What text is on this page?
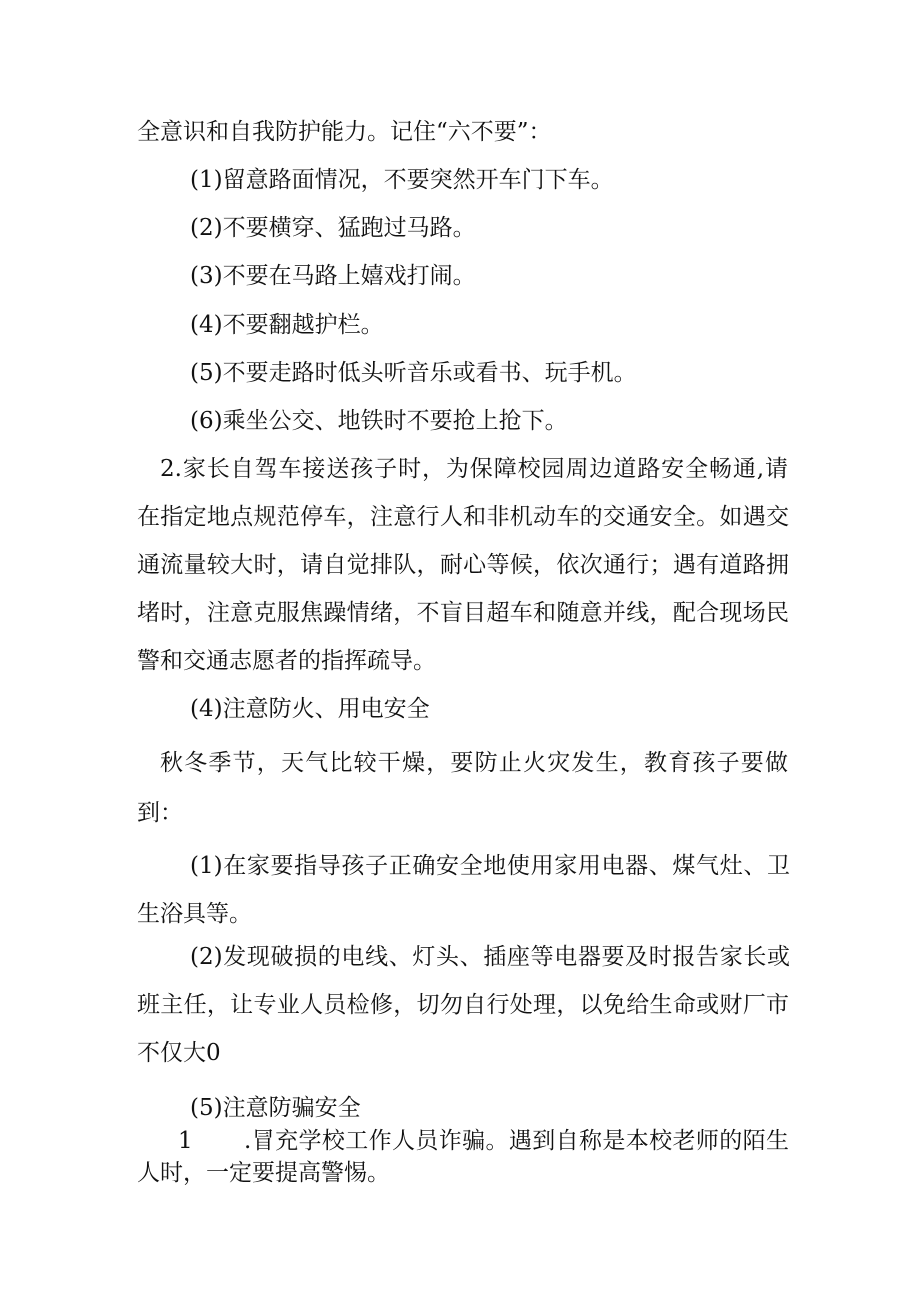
全意识和自我防护能力。记住“六不要”：
(1)留意路面情况，不要突然开车门下车。
(2)不要横穿、猛跑过马路。
(3)不要在马路上嬉戏打闹。
(4)不要翻越护栏。
(5)不要走路时低头听音乐或看书、玩手机。
(6)乘坐公交、地铁时不要抢上抢下。
2.家长自驾车接送孩子时，为保障校园周边道路安全畅通,请
在指定地点规范停车，注意行人和非机动车的交通安全。如遇交
通流量较大时，请自觉排队，耐心等候，依次通行；遇有道路拥
堵时，注意克服焦躁情绪，不盲目超车和随意并线，配合现场民
警和交通志愿者的指挥疏导。
(4)注意防火、用电安全
秋冬季节，天气比较干燥，要防止火灾发生，教育孩子要做
到：
(1)在家要指导孩子正确安全地使用家用电器、煤气灶、卫
生浴具等。
(2)发现破损的电线、灯头、插座等电器要及时报告家长或
班主任，让专业人员检修，切勿自行处理，以免给生命或财厂市
不仅大0
(5)注意防骗安全
1 .冒充学校工作人员诈骗。遇到自称是本校老师的陌生
人时，一定要提高警惕。
